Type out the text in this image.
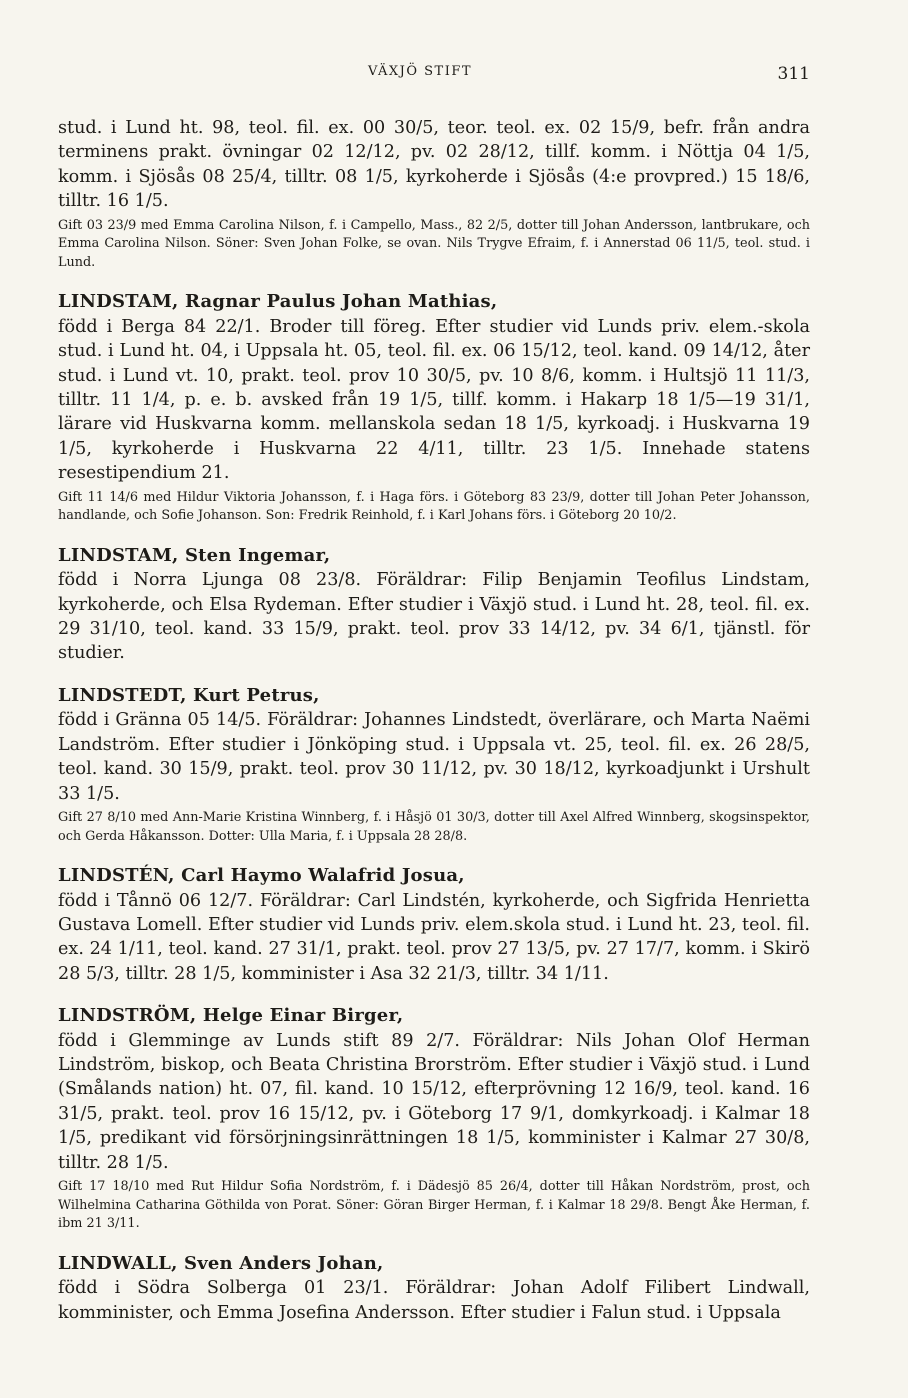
VÄXJÖ STIFT	311

stud. i Lund ht. 98, teol. fil. ex. 00 30/5, teor. teol. ex. 02 15/9, befr. från andra terminens prakt. övningar 02 12/12, pv. 02 28/12, tillf. komm. i Nöttja 04 1/5, komm. i Sjösås 08 25/4, tilltr. 08 1/5, kyrkoherde i Sjösås (4:e provpred.) 15 18/6, tilltr. 16 1/5.

Gift 03 23/9 med Emma Carolina Nilson, f. i Campello, Mass., 82 2/5, dotter till Johan Andersson, lantbrukare, och Emma Carolina Nilson. Söner: Sven Johan Folke, se ovan. Nils Trygve Efraim, f. i Annerstad 06 11/5, teol. stud. i Lund.

LINDSTAM, Ragnar Paulus Johan Mathias,
född i Berga 84 22/1. Broder till föreg. Efter studier vid Lunds priv. elem.-skola stud. i Lund ht. 04, i Uppsala ht. 05, teol. fil. ex. 06 15/12, teol. kand. 09 14/12, åter stud. i Lund vt. 10, prakt. teol. prov 10 30/5, pv. 10 8/6, komm. i Hultsjö 11 11/3, tilltr. 11 1/4, p. e. b. avsked från 19 1/5, tillf. komm. i Hakarp 18 1/5—19 31/1, lärare vid Huskvarna komm. mellanskola sedan 18 1/5, kyrkoadj. i Huskvarna 19 1/5, kyrkoherde i Huskvarna 22 4/11, tilltr. 23 1/5. Innehade statens resestipendium 21.

Gift 11 14/6 med Hildur Viktoria Johansson, f. i Haga förs. i Göteborg 83 23/9, dotter till Johan Peter Johansson, handlande, och Sofie Johanson. Son: Fredrik Reinhold, f. i Karl Johans förs. i Göteborg 20 10/2.

LINDSTAM, Sten Ingemar,
född i Norra Ljunga 08 23/8. Föräldrar: Filip Benjamin Teofilus Lindstam, kyrkoherde, och Elsa Rydeman. Efter studier i Växjö stud. i Lund ht. 28, teol. fil. ex. 29 31/10, teol. kand. 33 15/9, prakt. teol. prov 33 14/12, pv. 34 6/1, tjänstl. för studier.

LINDSTEDT, Kurt Petrus,
född i Gränna 05 14/5. Föräldrar: Johannes Lindstedt, överlärare, och Marta Naëmi Landström. Efter studier i Jönköping stud. i Uppsala vt. 25, teol. fil. ex. 26 28/5, teol. kand. 30 15/9, prakt. teol. prov 30 11/12, pv. 30 18/12, kyrkoadjunkt i Urshult 33 1/5.

Gift 27 8/10 med Ann-Marie Kristina Winnberg, f. i Håsjö 01 30/3, dotter till Axel Alfred Winnberg, skogsinspektor, och Gerda Håkansson. Dotter: Ulla Maria, f. i Uppsala 28 28/8.

LINDSTÉN, Carl Haymo Walafrid Josua,
född i Tånnö 06 12/7. Föräldrar: Carl Lindstén, kyrkoherde, och Sigfrida Henrietta Gustava Lomell. Efter studier vid Lunds priv. elem.skola stud. i Lund ht. 23, teol. fil. ex. 24 1/11, teol. kand. 27 31/1, prakt. teol. prov 27 13/5, pv. 27 17/7, komm. i Skirö 28 5/3, tilltr. 28 1/5, komminister i Asa 32 21/3, tilltr. 34 1/11.

LINDSTRÖM, Helge Einar Birger,
född i Glemminge av Lunds stift 89 2/7. Föräldrar: Nils Johan Olof Herman Lindström, biskop, och Beata Christina Brorström. Efter studier i Växjö stud. i Lund (Smålands nation) ht. 07, fil. kand. 10 15/12, efterprövning 12 16/9, teol. kand. 16 31/5, prakt. teol. prov 16 15/12, pv. i Göteborg 17 9/1, domkyrkoadj. i Kalmar 18 1/5, predikant vid försörjningsinrättningen 18 1/5, komminister i Kalmar 27 30/8, tilltr. 28 1/5.

Gift 17 18/10 med Rut Hildur Sofia Nordström, f. i Dädesjö 85 26/4, dotter till Håkan Nordström, prost, och Wilhelmina Catharina Göthilda von Porat. Söner: Göran Birger Herman, f. i Kalmar 18 29/8. Bengt Åke Herman, f. ibm 21 3/11.

LINDWALL, Sven Anders Johan,
född i Södra Solberga 01 23/1. Föräldrar: Johan Adolf Filibert Lindwall, komminister, och Emma Josefina Andersson. Efter studier i Falun stud. i Uppsala
